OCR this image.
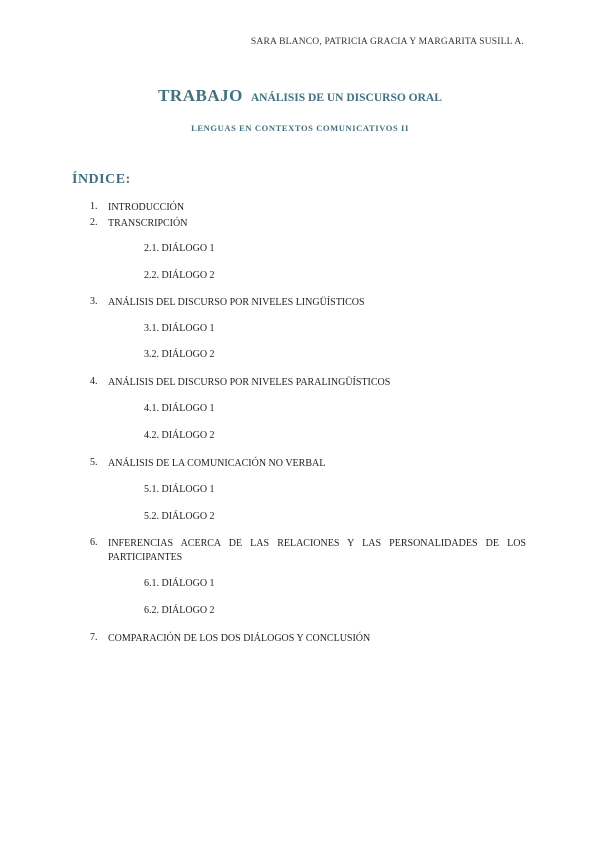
SARA BLANCO, PATRICIA GRACIA Y MARGARITA SUSILL A.
TRABAJO ANÁLISIS DE UN DISCURSO ORAL
LENGUAS EN CONTEXTOS COMUNICATIVOS II
ÍNDICE:
1.	INTRODUCCIÓN
2.	TRANSCRIPCIÓN
2.1. DIÁLOGO 1
2.2. DIÁLOGO 2
3.	ANÁLISIS DEL DISCURSO POR NIVELES LINGÜÍSTICOS
3.1. DIÁLOGO 1
3.2. DIÁLOGO 2
4.	ANÁLISIS DEL DISCURSO POR NIVELES PARALINGÜÍSTICOS
4.1. DIÁLOGO 1
4.2. DIÁLOGO 2
5.	ANÁLISIS DE LA COMUNICACIÓN NO VERBAL
5.1. DIÁLOGO 1
5.2. DIÁLOGO 2
6.	INFERENCIAS ACERCA DE LAS RELACIONES Y LAS PERSONALIDADES DE LOS PARTICIPANTES
6.1. DIÁLOGO 1
6.2. DIÁLOGO 2
7.	COMPARACIÓN DE LOS DOS DIÁLOGOS Y CONCLUSIÓN
